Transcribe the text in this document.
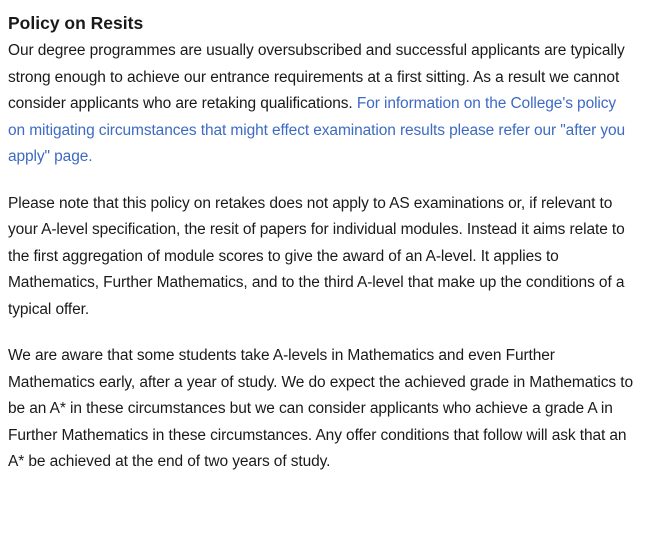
Policy on Resits

Our degree programmes are usually oversubscribed and successful applicants are typically strong enough to achieve our entrance requirements at a first sitting. As a result we cannot consider applicants who are retaking qualifications. For information on the College's policy on mitigating circumstances that might effect examination results please refer our "after you apply" page.

Please note that this policy on retakes does not apply to AS examinations or, if relevant to your A-level specification, the resit of papers for individual modules. Instead it aims relate to the first aggregation of module scores to give the award of an A-level. It applies to Mathematics, Further Mathematics, and to the third A-level that make up the conditions of a typical offer.

We are aware that some students take A-levels in Mathematics and even Further Mathematics early, after a year of study. We do expect the achieved grade in Mathematics to be an A* in these circumstances but we can consider applicants who achieve a grade A in Further Mathematics in these circumstances. Any offer conditions that follow will ask that an A* be achieved at the end of two years of study.
